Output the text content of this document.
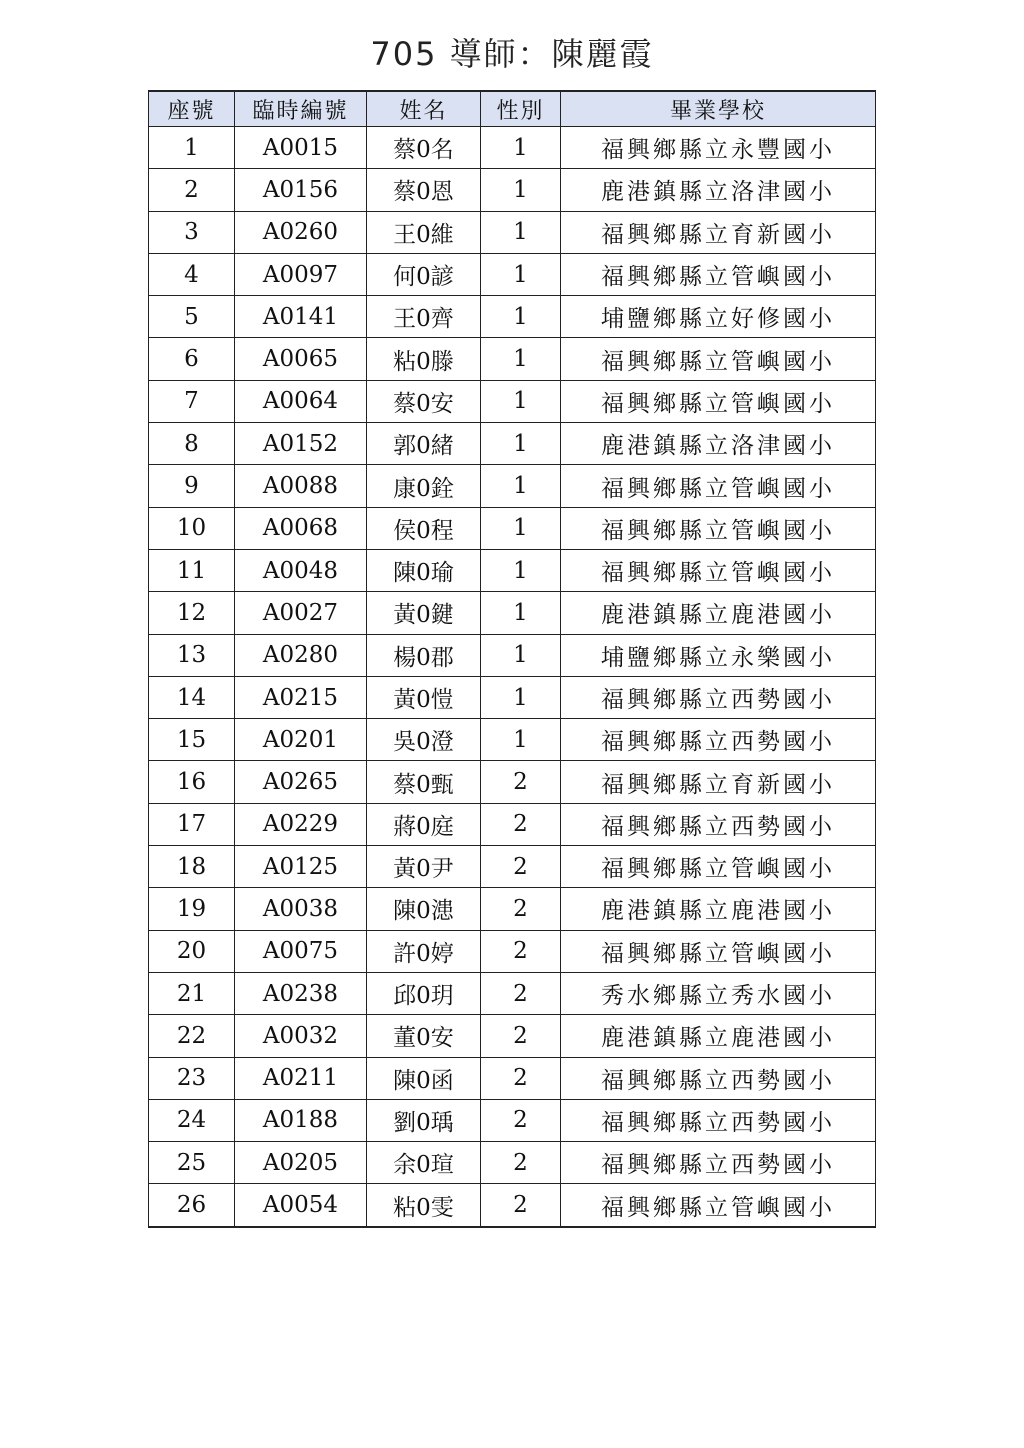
705 導師：陳麗霞
座號	臨時編號	姓名	性別	畢業學校
1	A0015	蔡0名	1	福興鄉縣立永豐國小
2	A0156	蔡0恩	1	鹿港鎮縣立洛津國小
3	A0260	王0維	1	福興鄉縣立育新國小
4	A0097	何0諺	1	福興鄉縣立管嶼國小
5	A0141	王0齊	1	埔鹽鄉縣立好修國小
6	A0065	粘0滕	1	福興鄉縣立管嶼國小
7	A0064	蔡0安	1	福興鄉縣立管嶼國小
8	A0152	郭0緒	1	鹿港鎮縣立洛津國小
9	A0088	康0銓	1	福興鄉縣立管嶼國小
10	A0068	侯0程	1	福興鄉縣立管嶼國小
11	A0048	陳0瑜	1	福興鄉縣立管嶼國小
12	A0027	黃0鍵	1	鹿港鎮縣立鹿港國小
13	A0280	楊0郡	1	埔鹽鄉縣立永樂國小
14	A0215	黃0愷	1	福興鄉縣立西勢國小
15	A0201	吳0澄	1	福興鄉縣立西勢國小
16	A0265	蔡0甄	2	福興鄉縣立育新國小
17	A0229	蔣0庭	2	福興鄉縣立西勢國小
18	A0125	黃0尹	2	福興鄉縣立管嶼國小
19	A0038	陳0漶	2	鹿港鎮縣立鹿港國小
20	A0075	許0婷	2	福興鄉縣立管嶼國小
21	A0238	邱0玥	2	秀水鄉縣立秀水國小
22	A0032	董0安	2	鹿港鎮縣立鹿港國小
23	A0211	陳0函	2	福興鄉縣立西勢國小
24	A0188	劉0瑀	2	福興鄉縣立西勢國小
25	A0205	余0瑄	2	福興鄉縣立西勢國小
26	A0054	粘0雯	2	福興鄉縣立管嶼國小
